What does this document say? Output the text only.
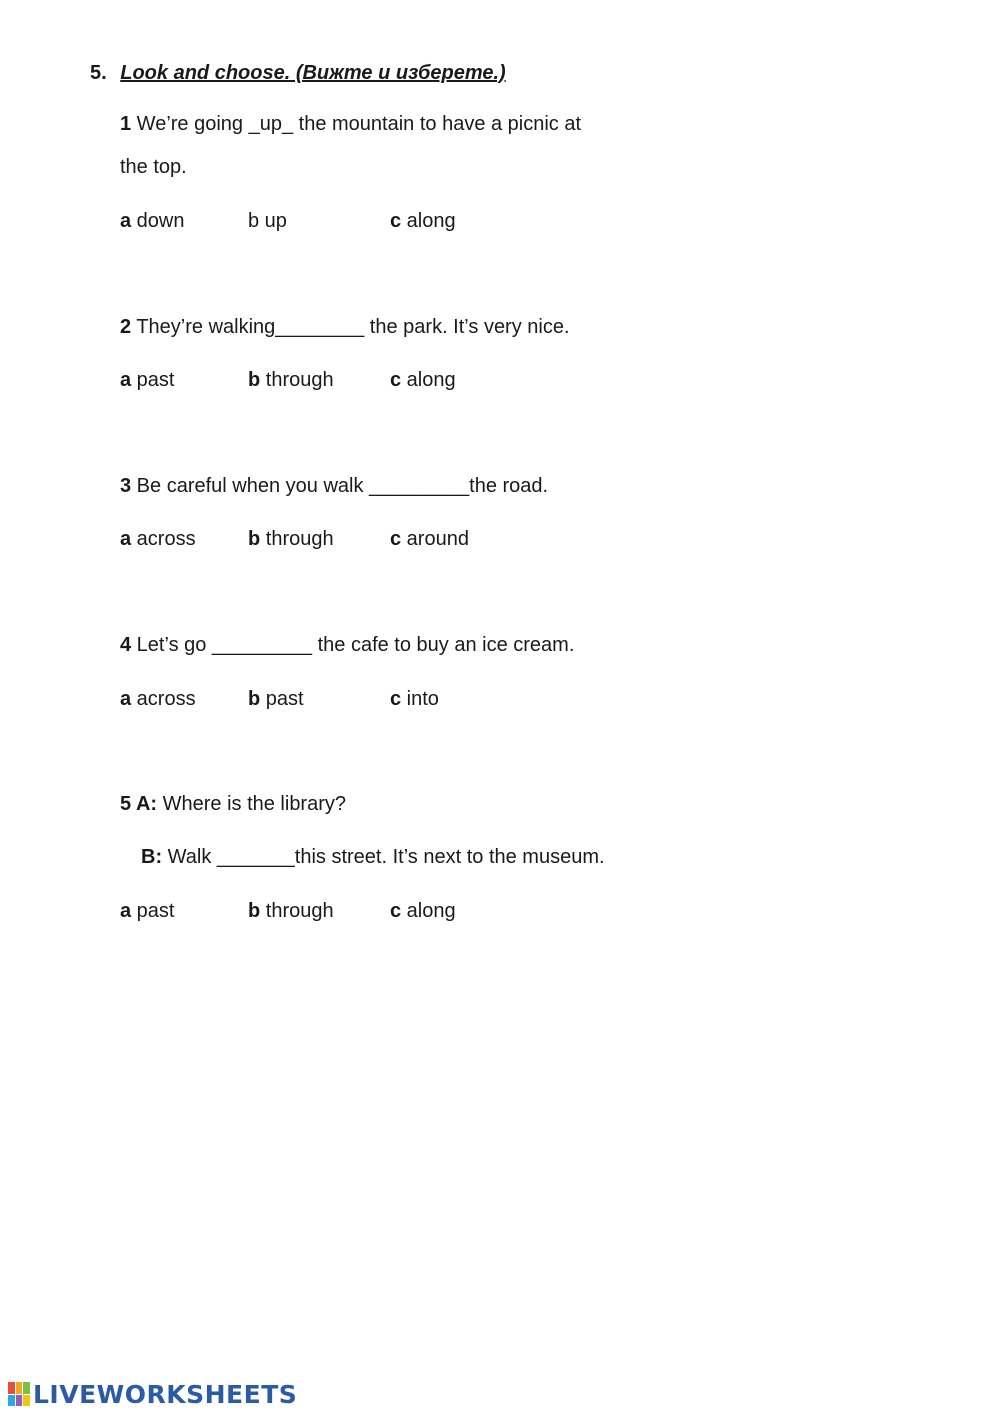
5. Look and choose. (Вижте и изберете.)
1 We’re going _up_ the mountain to have a picnic at
the top.
a down	b up	c along
2 They’re walking________ the park. It’s very nice.
a past	b through	c along
3 Be careful when you walk _________the road.
a across	b through	c around
4 Let’s go _________ the cafe to buy an ice cream.
a across	b past	c into
5 A: Where is the library?
B: Walk _______this street. It’s next to the museum.
a past	b through	c along
LIVEWORKSHEETS
